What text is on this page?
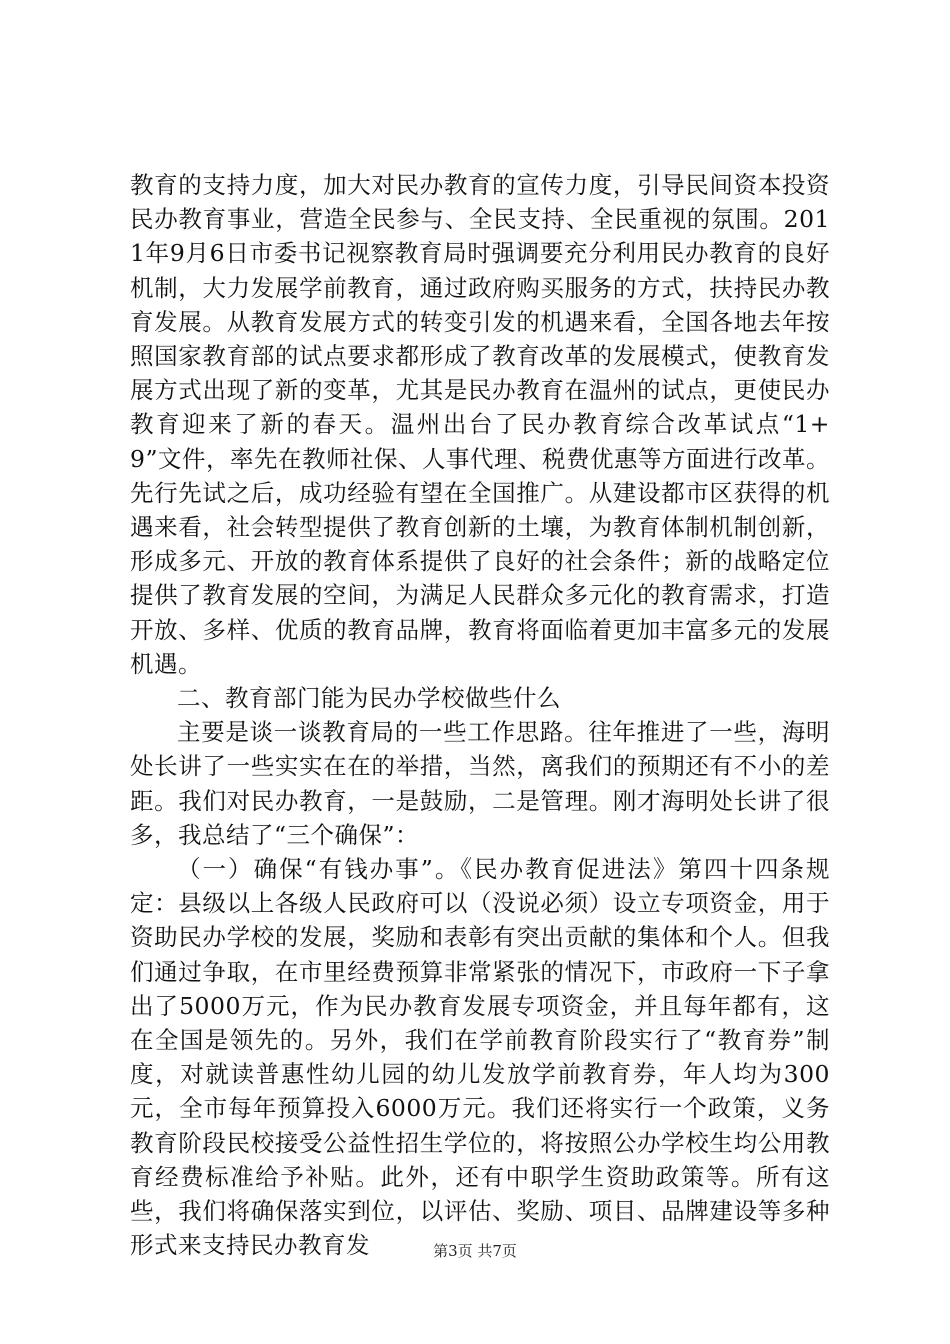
教育的支持力度，加大对民办教育的宣传力度，引导民间资本投资民办教育事业，营造全民参与、全民支持、全民重视的氛围。2011年9月6日市委书记视察教育局时强调要充分利用民办教育的良好机制，大力发展学前教育，通过政府购买服务的方式，扶持民办教育发展。从教育发展方式的转变引发的机遇来看，全国各地去年按照国家教育部的试点要求都形成了教育改革的发展模式，使教育发展方式出现了新的变革，尤其是民办教育在温州的试点，更使民办教育迎来了新的春天。温州出台了民办教育综合改革试点“1+9”文件，率先在教师社保、人事代理、税费优惠等方面进行改革。先行先试之后，成功经验有望在全国推广。从建设都市区获得的机遇来看，社会转型提供了教育创新的土壤，为教育体制机制创新，形成多元、开放的教育体系提供了良好的社会条件；新的战略定位提供了教育发展的空间，为满足人民群众多元化的教育需求，打造开放、多样、优质的教育品牌，教育将面临着更加丰富多元的发展机遇。

二、教育部门能为民办学校做些什么

主要是谈一谈教育局的一些工作思路。往年推进了一些，海明处长讲了一些实实在在的举措，当然，离我们的预期还有不小的差距。我们对民办教育，一是鼓励，二是管理。刚才海明处长讲了很多，我总结了“三个确保”：

（一）确保“有钱办事”。《民办教育促进法》第四十四条规定：县级以上各级人民政府可以（没说必须）设立专项资金，用于资助民办学校的发展，奖励和表彰有突出贡献的集体和个人。但我们通过争取，在市里经费预算非常紧张的情况下，市政府一下子拿出了5000万元，作为民办教育发展专项资金，并且每年都有，这在全国是领先的。另外，我们在学前教育阶段实行了“教育券”制度，对就读普惠性幼儿园的幼儿发放学前教育券，年人均为300元，全市每年预算投入6000万元。我们还将实行一个政策，义务教育阶段民校接受公益性招生学位的，将按照公办学校生均公用教育经费标准给予补贴。此外，还有中职学生资助政策等。所有这些，我们将确保落实到位，以评估、奖励、项目、品牌建设等多种形式来支持民办教育发	第3页 共7页
